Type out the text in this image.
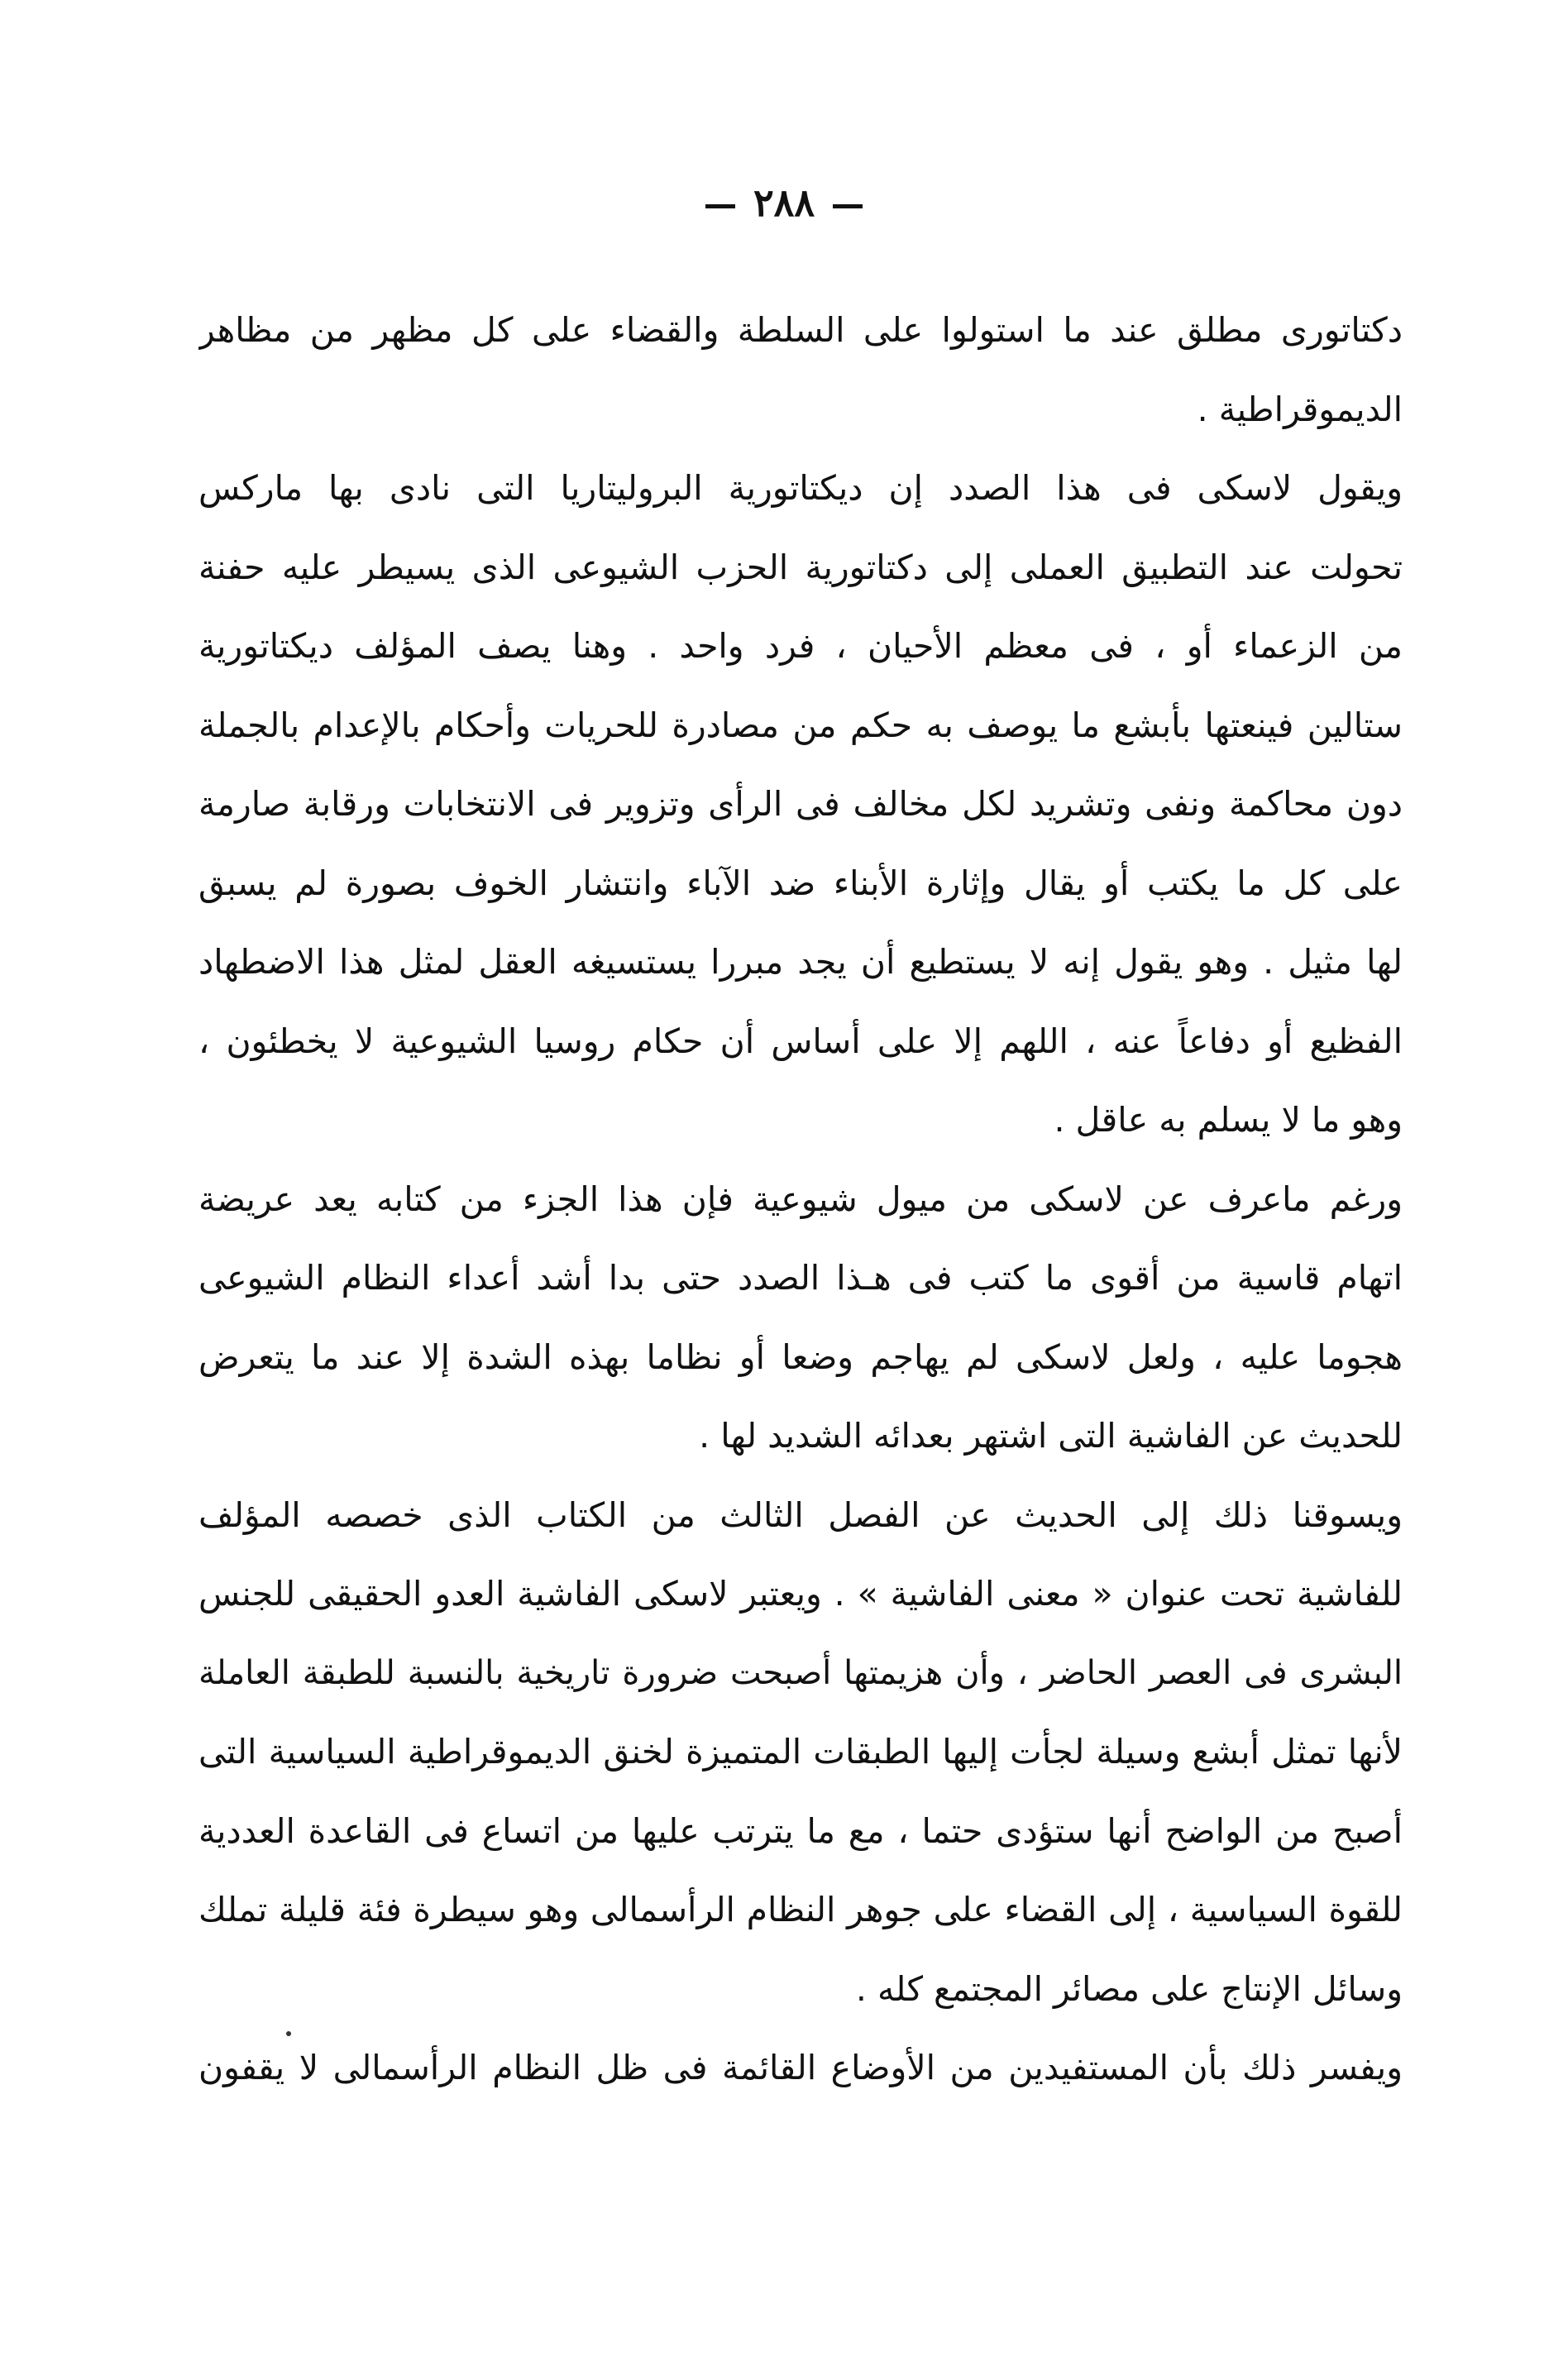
٢٨٨
دكتاتورى مطلق عند ما استولوا على السلطة والقضاء على كل مظهر من مظاهر
الديموقراطية .
ويقول لاسكى فى هذا الصدد إن ديكتاتورية البروليتاريا التى نادى بها ماركس
تحولت عند التطبيق العملى إلى دكتاتورية الحزب الشيوعى الذى يسيطر عليه حفنة
من الزعماء أو ، فى معظم الأحيان ، فرد واحد . وهنا يصف المؤلف ديكتاتورية
ستالين فينعتها بأبشع ما يوصف به حكم من مصادرة للحريات وأحكام بالإعدام بالجملة
دون محاكمة ونفى وتشريد لكل مخالف فى الرأى وتزوير فى الانتخابات ورقابة صارمة
على كل ما يكتب أو يقال وإثارة الأبناء ضد الآباء وانتشار الخوف بصورة لم يسبق
لها مثيل . وهو يقول إنه لا يستطيع أن يجد مبررا يستسيغه العقل لمثل هذا الاضطهاد
الفظيع أو دفاعاً عنه ، اللهم إلا على أساس أن حكام روسيا الشيوعية لا يخطئون ،
وهو ما لا يسلم به عاقل .
ورغم ماعرف عن لاسكى من ميول شيوعية فإن هذا الجزء من كتابه يعد عريضة
اتهام قاسية من أقوى ما كتب فى هـذا الصدد حتى بدا أشد أعداء النظام الشيوعى
هجوما عليه ، ولعل لاسكى لم يهاجم وضعا أو نظاما بهذه الشدة إلا عند ما يتعرض
للحديث عن الفاشية التى اشتهر بعدائه الشديد لها .
ويسوقنا ذلك إلى الحديث عن الفصل الثالث من الكتاب الذى خصصه المؤلف
للفاشية تحت عنوان « معنى الفاشية » . ويعتبر لاسكى الفاشية العدو الحقيقى للجنس
البشرى فى العصر الحاضر ، وأن هزيمتها أصبحت ضرورة تاريخية بالنسبة للطبقة العاملة
لأنها تمثل أبشع وسيلة لجأت إليها الطبقات المتميزة لخنق الديموقراطية السياسية التى
أصبح من الواضح أنها ستؤدى حتما ، مع ما يترتب عليها من اتساع فى القاعدة العددية
للقوة السياسية ، إلى القضاء على جوهر النظام الرأسمالى وهو سيطرة فئة قليلة تملك
وسائل الإنتاج على مصائر المجتمع كله .
ويفسر ذلك بأن المستفيدين من الأوضاع القائمة فى ظل النظام الرأسمالى لا يقفون
